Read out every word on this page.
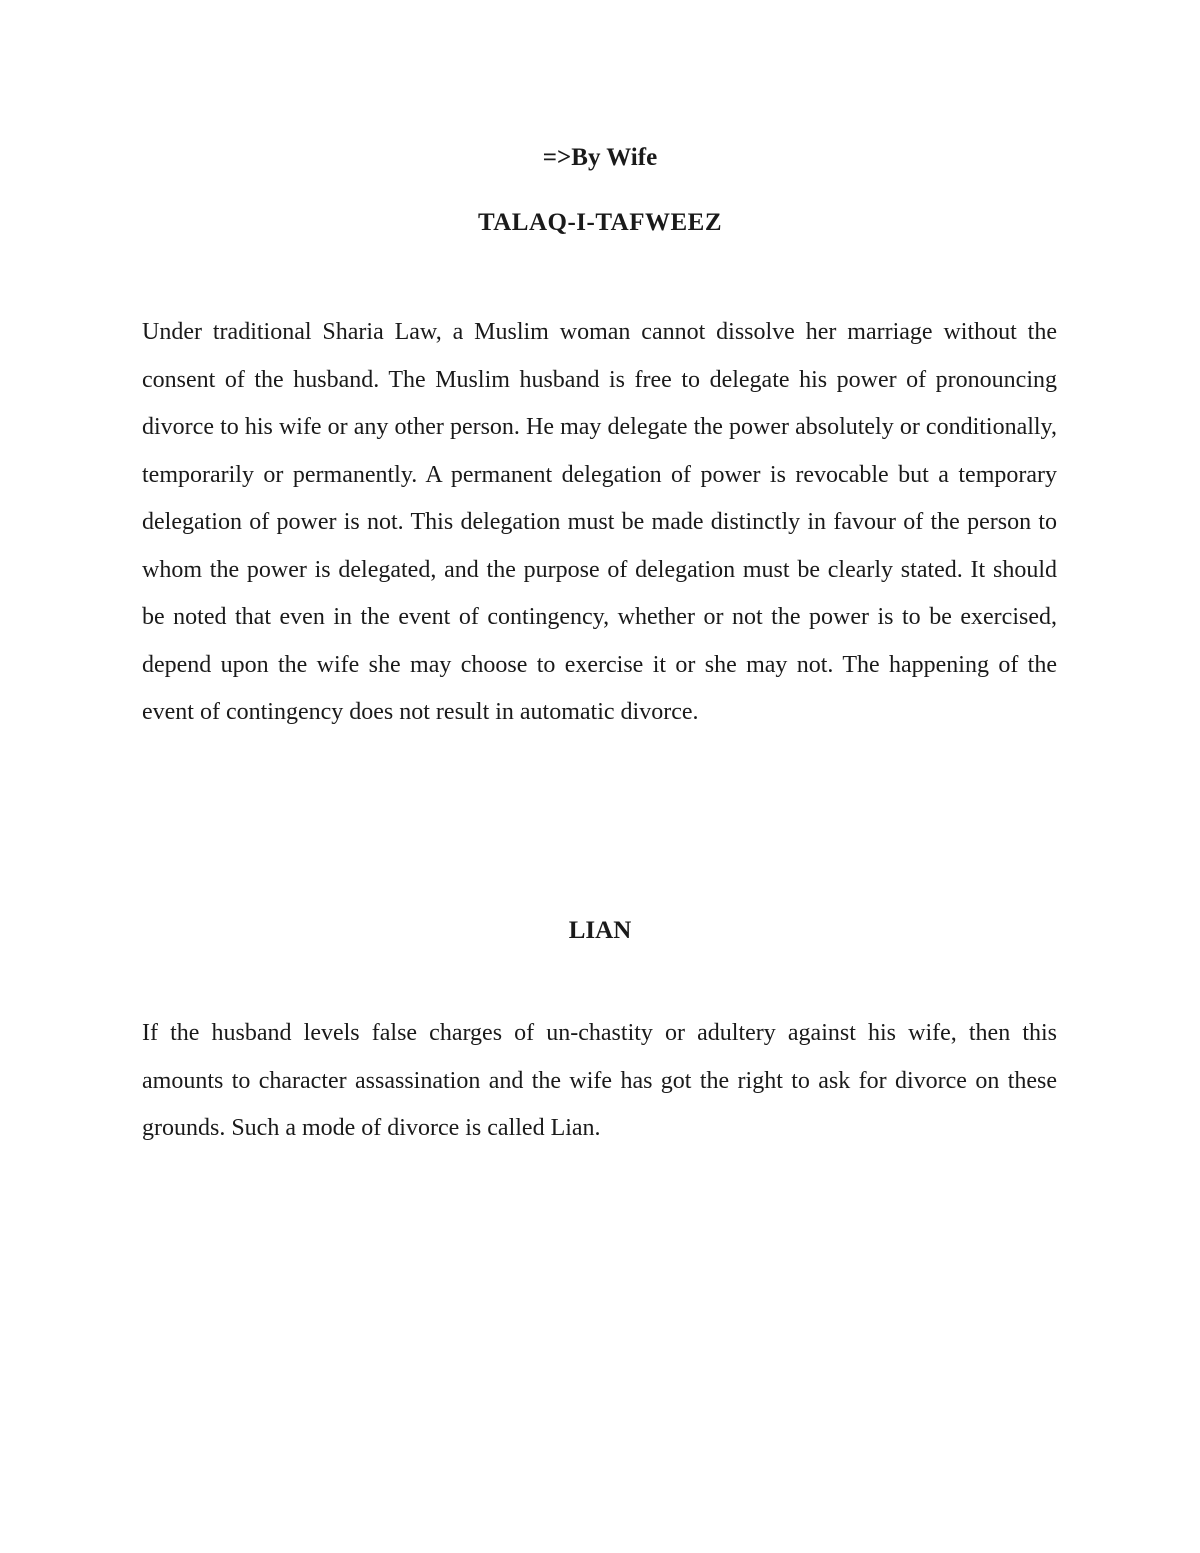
=>By Wife
TALAQ-I-TAFWEEZ

Under traditional Sharia Law, a Muslim woman cannot dissolve her marriage without the consent of the husband. The Muslim husband is free to delegate his power of pronouncing divorce to his wife or any other person. He may delegate the power absolutely or conditionally, temporarily or permanently. A permanent delegation of power is revocable but a temporary delegation of power is not. This delegation must be made distinctly in favour of the person to whom the power is delegated, and the purpose of delegation must be clearly stated. It should be noted that even in the event of contingency, whether or not the power is to be exercised, depend upon the wife she may choose to exercise it or she may not. The happening of the event of contingency does not result in automatic divorce.

LIAN

If the husband levels false charges of un-chastity or adultery against his wife, then this amounts to character assassination and the wife has got the right to ask for divorce on these grounds. Such a mode of divorce is called Lian.
